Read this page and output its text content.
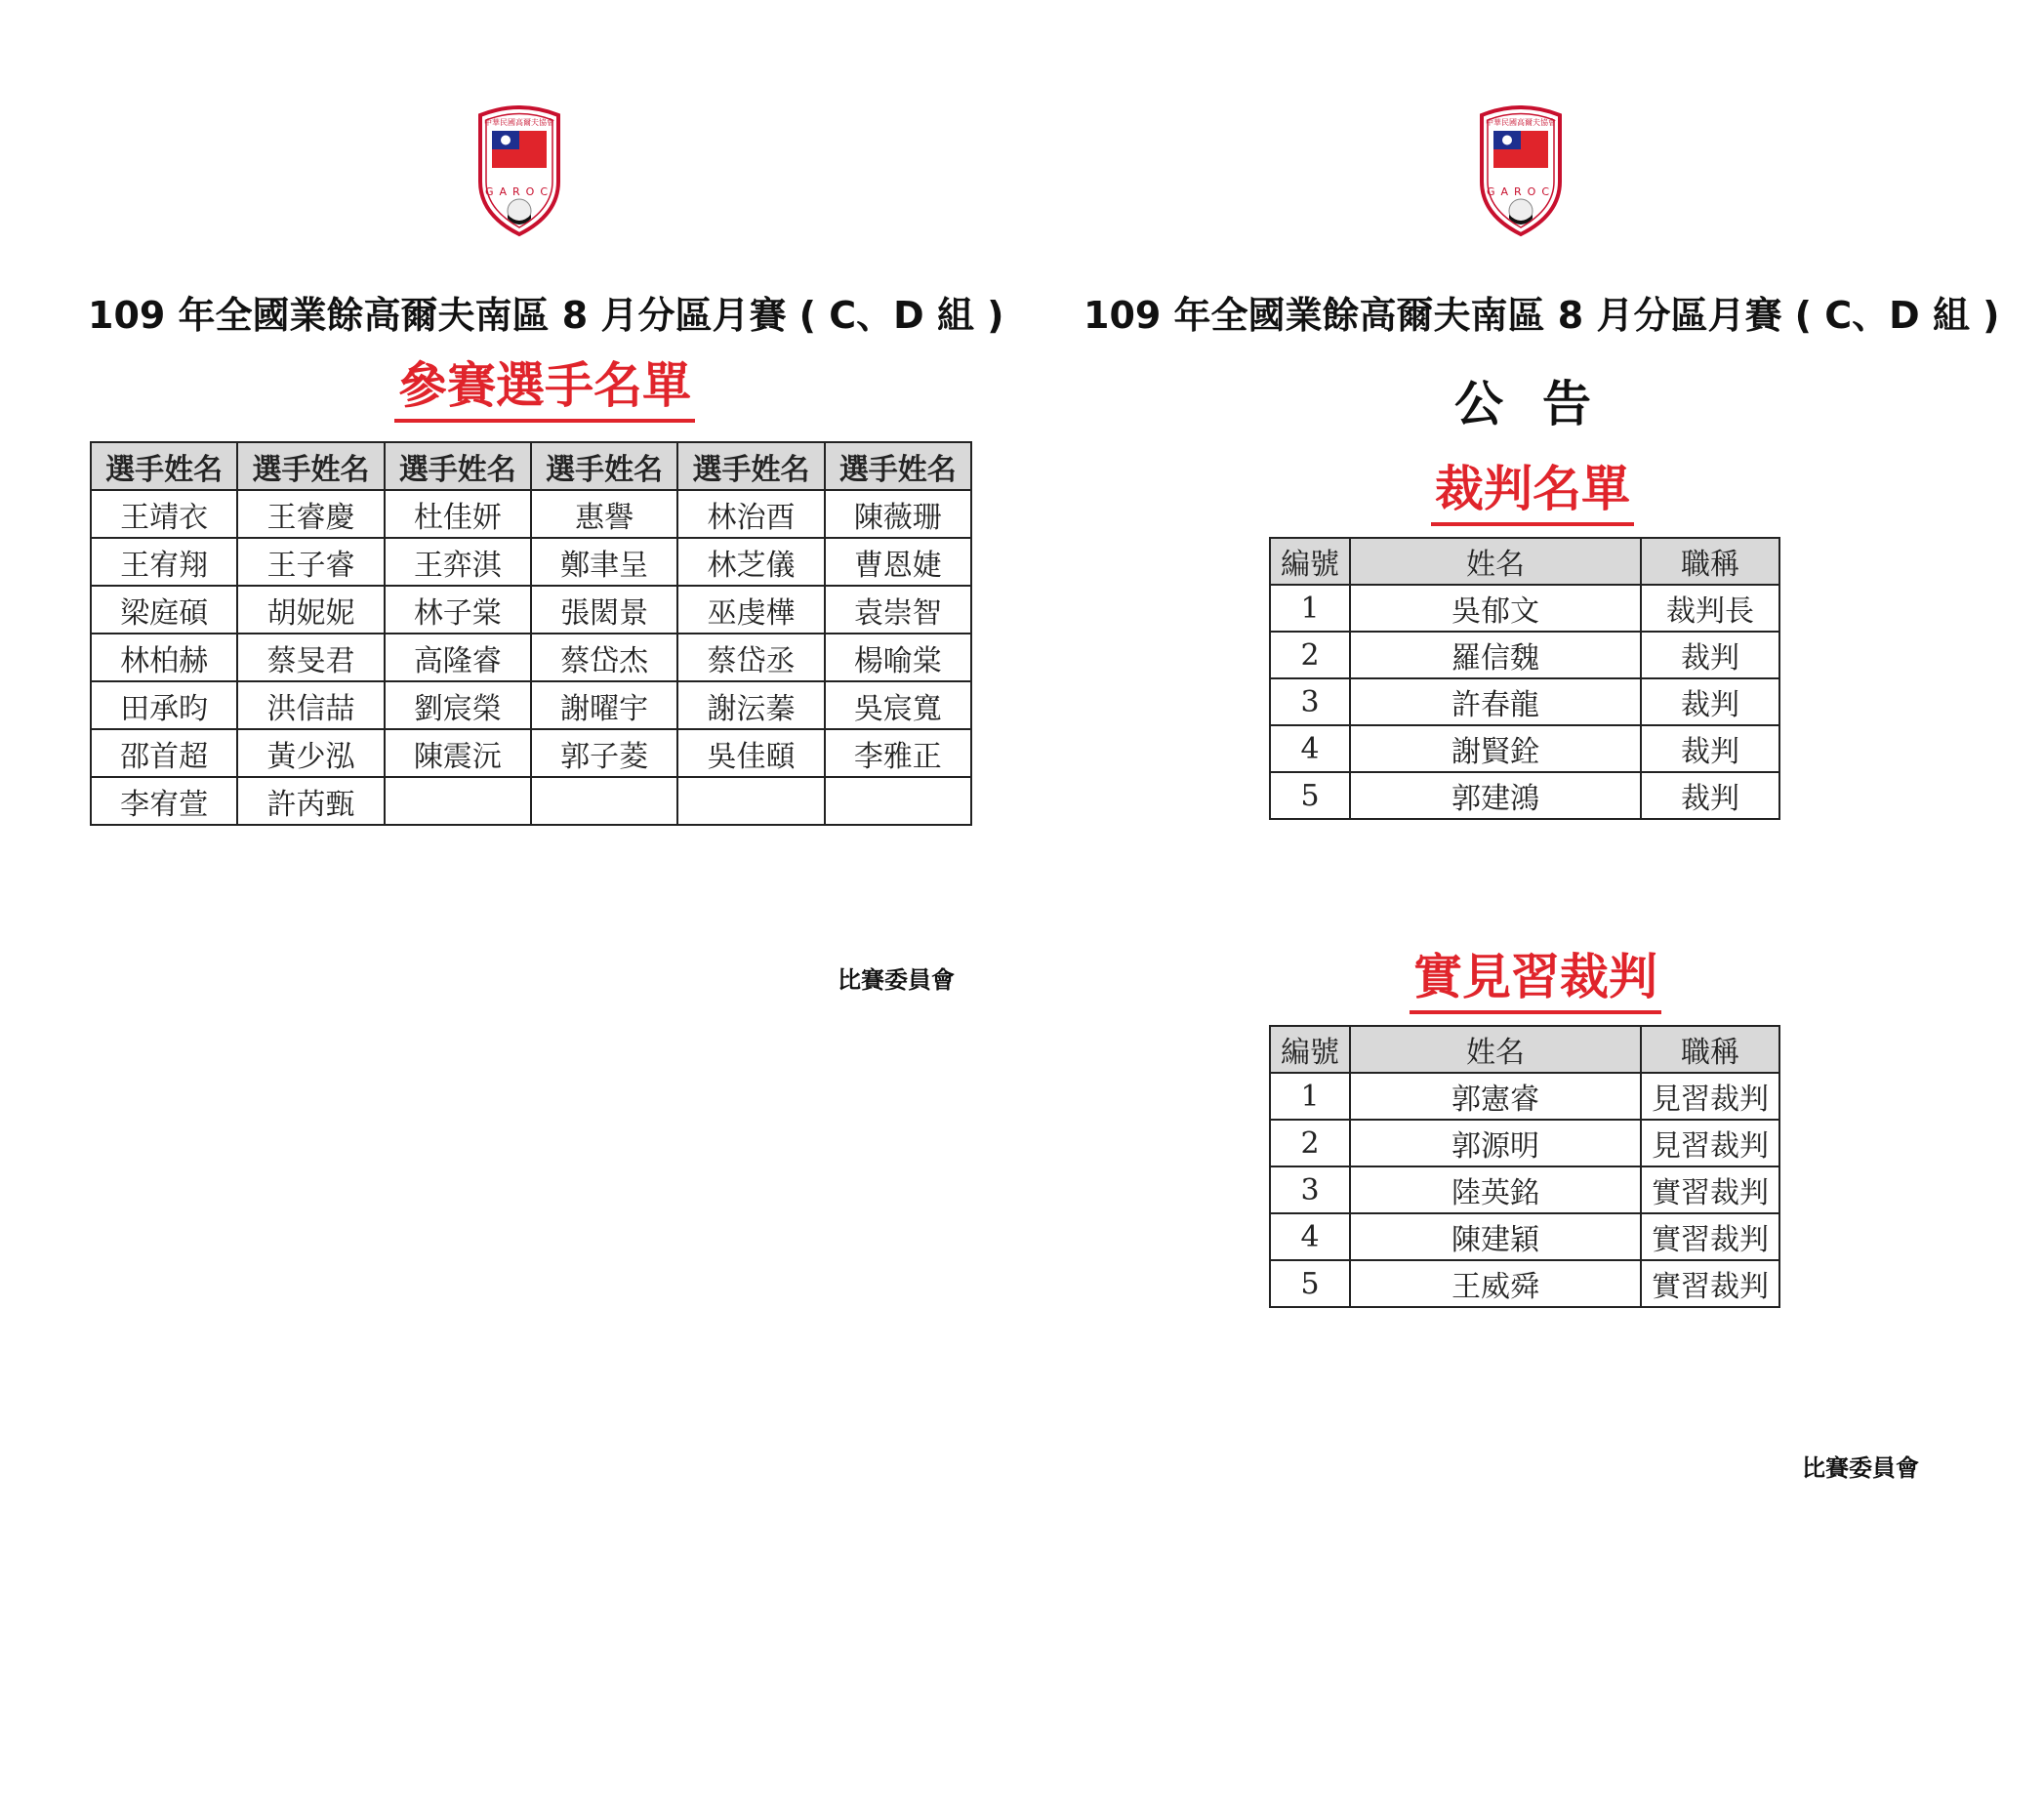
中華民國高爾夫協會
GAROC
109 年全國業餘高爾夫南區 8 月分區月賽 ( C、D 組 )
參賽選手名單
選手姓名	選手姓名	選手姓名	選手姓名	選手姓名	選手姓名
王靖衣	王睿慶	杜佳妍	惠譽	林治酉	陳薇珊
王宥翔	王子睿	王弈淇	鄭聿呈	林芝儀	曹恩婕
梁庭碩	胡妮妮	林子棠	張閎景	巫虔樺	袁崇智
林柏赫	蔡旻君	高隆睿	蔡岱杰	蔡岱丞	楊喻棠
田承昀	洪信喆	劉宸榮	謝曜宇	謝沄蓁	吳宸寬
邵首超	黃少泓	陳震沅	郭子菱	吳佳頤	李雅正
李宥萱	許芮甄				
比賽委員會
中華民國高爾夫協會
GAROC
109 年全國業餘高爾夫南區 8 月分區月賽 ( C、D 組 )
公告
裁判名單
編號	姓名	職稱
1	吳郁文	裁判長
2	羅信魏	裁判
3	許春龍	裁判
4	謝賢銓	裁判
5	郭建鴻	裁判
實見習裁判
編號	姓名	職稱
1	郭憲睿	見習裁判
2	郭源明	見習裁判
3	陸英銘	實習裁判
4	陳建穎	實習裁判
5	王威舜	實習裁判
比賽委員會
